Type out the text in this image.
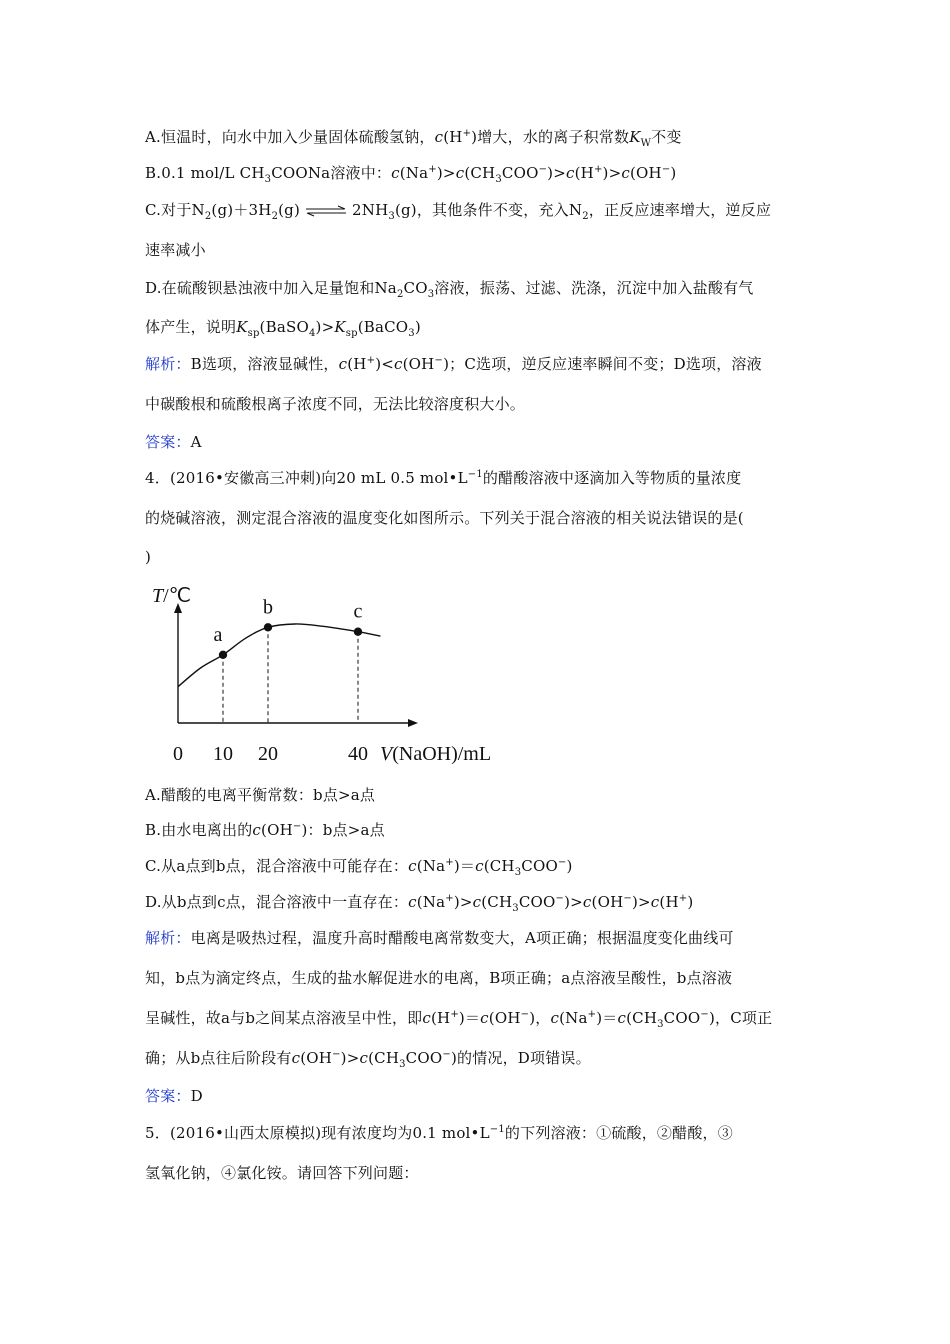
A.恒温时，向水中加入少量固体硫酸氢钠，c(H+)增大，水的离子积常数$K_W$不变
B.0.1 mol/L $CH_3COONa$溶液中：$c(Na^+)>c(CH_3COO^-)>c(H^+)>c(OH^-)$
C.对于$N_2(g)+3H_2(g)$ ⇌ $2NH_3(g)$，其他条件不变，充入$N_2$，正反应速率增大，逆反应
速率减小
D.在硫酸钡悬浊液中加入足量饱和$Na_2CO_3$溶液，振荡、过滤、洗涤，沉淀中加入盐酸有气
体产生，说明$K_{sp}(BaSO_4)>K_{sp}(BaCO_3)$
解析：B选项，溶液显碱性，c(H+)<c(OH−)；C选项，逆反应速率瞬间不变；D选项，溶液
中碳酸根和硫酸根离子浓度不同，无法比较溶度积大小。
答案：A
4．(2016•安徽高三冲刺)向20 mL 0.5 $mol•L^{-1}$的醋酸溶液中逐滴加入等物质的量浓度
的烧碱溶液，测定混合溶液的温度变化如图所示。下列关于混合溶液的相关说法错误的是(
)
T/℃
V(NaOH)/mL
0 10 20	40
a
b	c
A.醋酸的电离平衡常数：b点>a点
B.由水电离出的c(OH−)：b点>a点
C.从a点到b点，混合溶液中可能存在：$c(Na^+)=c(CH_3COO^-)$
D.从b点到c点，混合溶液中一直存在：$c(Na^+)>c(CH_3COO^-)>c(OH^-)>c(H^+)$
解析：电离是吸热过程，温度升高时醋酸电离常数变大，A项正确；根据温度变化曲线可
知，b点为滴定终点，生成的盐水解促进水的电离，B项正确；a点溶液呈酸性，b点溶液
呈碱性，故a与b之间某点溶液呈中性，即c(H+)＝c(OH−)，$c(Na^+)=c(CH_3COO^-)$，C项正
确；从b点往后阶段有$c(OH^-)>c(CH_3COO^-)$的情况，D项错误。
答案：D
5．(2016•山西太原模拟)现有浓度均为0.1 $mol•L^{-1}$的下列溶液：①硫酸，②醋酸，③
氢氧化钠，④氯化铵。请回答下列问题：
